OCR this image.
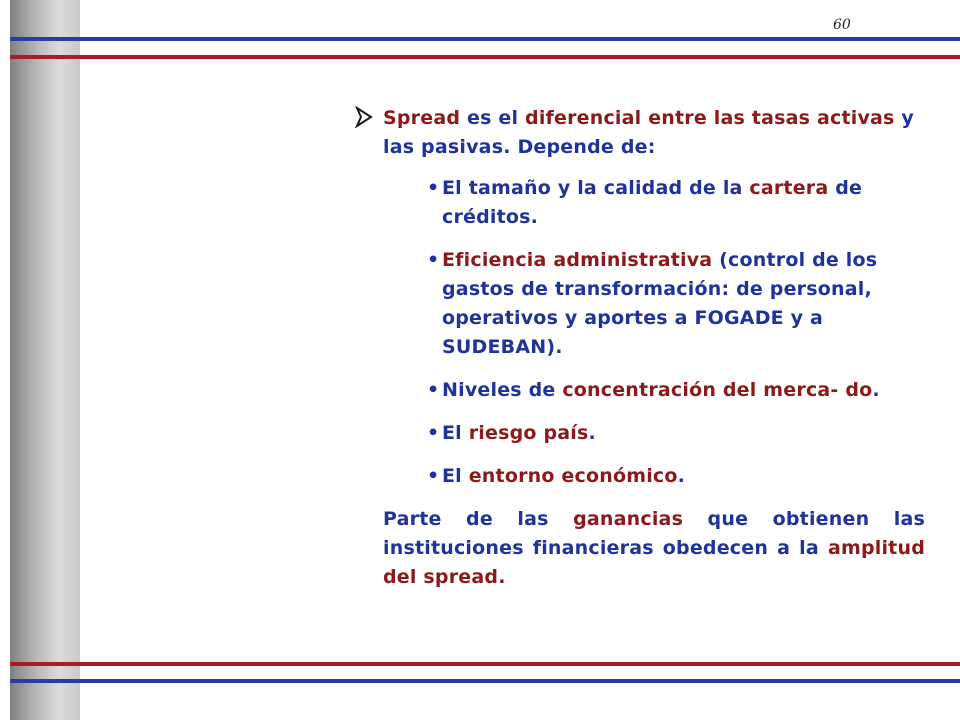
60
Spread es el diferencial entre las tasas activas y las pasivas. Depende de:
• El tamaño y la calidad de la cartera de créditos.
• Eficiencia administrativa (control de los gastos de transformación: de personal, operativos y aportes a FOGADE y a SUDEBAN).
• Niveles de concentración del merca- do.
• El riesgo país.
• El entorno económico.
Parte de las ganancias que obtienen las instituciones financieras obedecen a la amplitud del spread.
